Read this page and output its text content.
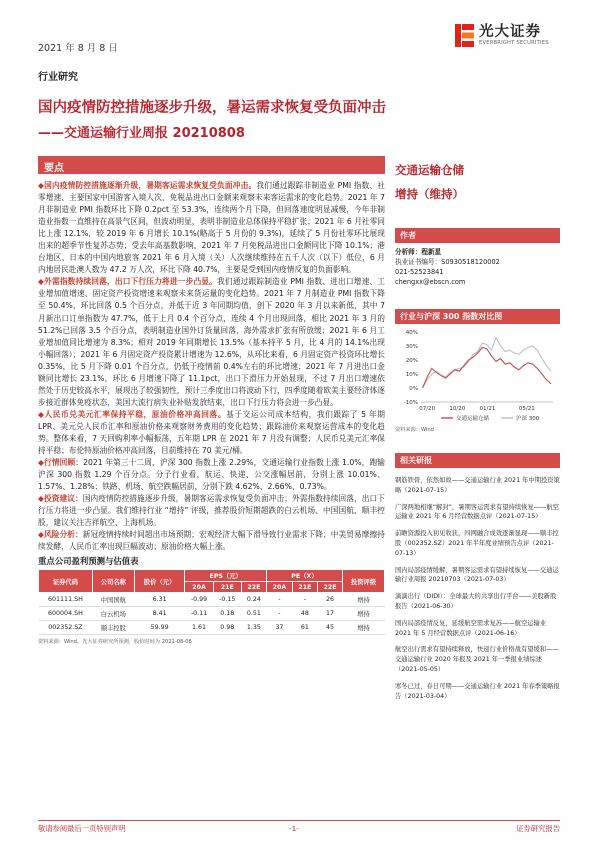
2021 年 8 月 8 日
行业研究
光大证券
EVERBRIGHT SECURITIES
国内疫情防控措施逐步升级，暑运需求恢复受负面冲击
——交通运输行业周报 20210808
要点

◆国内疫情防控措施逐渐升级，暑期客运需求恢复受负面冲击。我们通过跟踪非制造业 PMI 指数、社零增速、主要国家中国游客入境人次、免税品进出口金额来观察未来客运需求的变化趋势。2021 年 7 月非制造业 PMI 指数环比下降 0.2pct 至 53.3%，连续两个月下降，但回落速度明显减慢，今年非制造业指数一直维持在高景气区间，但波动明显，表明非制造业总体保持平稳扩张；2021 年 6 月社零同比上涨 12.1%，较 2019 年 6 月增长 10.1%(略高于 5 月份的 9.3%)，延续了 5 月份社零环比展现出来的超季节性复苏态势；受去年高基数影响，2021 年 7 月免税品进出口金额同比下降 10.1%；港台地区、日本的中国内地旅客 2021 年 6 月入境（关）人次继续维持在五千人次（以下）低位，6 月内地居民赴澳人数为 47.2 万人次，环比下降 40.7%，主要是受到国内疫情反复的负面影响。

◆外需指数持续回落，出口下行压力将进一步凸显。我们通过跟踪制造业 PMI 指数、进出口增速、工业增加值增速、固定资产投资增速来观察未来货运量的变化趋势。2021 年 7 月制造业 PMI 指数下降至 50.4%，环比回落 0.5 个百分点，并低于近 3 年同期均值，创下 2020 年 3 月以来新低，其中 7 月新出口订单指数为 47.7%，低于上月 0.4 个百分点，连续 4 个月出现回落，相比 2021 年 3 月的 51.2%已回落 3.5 个百分点，表明制造业国外订货量回落，海外需求扩张有所放缓；2021 年 6 月工业增加值同比增速为 8.3%；相对 2019 年同期增长 13.5%（基本持平 5 月，比 4 月的 14.1%出现小幅回落）；2021 年 6 月固定资产投资累计增速为 12.6%，从环比来看，6 月固定资产投资环比增长 0.35%，比 5 月下降 0.01 个百分点，仍低于疫情前 0.4%左右的环比增速；2021 年 7 月进出口金额同比增长 23.1%，环比 6 月增速下降了 11.1pct，出口下滑压力开始显现，不过 7 月出口增速依然处于历史较高水平，展现出了较强韧性，预计三季度出口将波动下行，四季度随着欧美主要经济体逐步接近群体免疫状态，美国大流行病失业补贴发放结束，出口下行压力将会进一步凸显。

◆人民币兑美元汇率保持平稳，原油价格冲高回落。基于交运公司成本结构，我们跟踪了 5 年期 LPR、美元兑人民币汇率和原油价格来观察财务费用的变化趋势；跟踪油价来观察运营成本的变化趋势。整体来看，7 天回购利率小幅振荡，五年期 LPR 在 2021 年 7 月没有调整；人民币兑美元汇率保持平稳；布伦特原油价格冲高回落，目前维持在 70 美元/桶。

◆行情回顾：2021 年第三十二周，沪深 300 指数上涨 2.29%，交通运输行业指数上涨 1.0%，跑输沪深 300 指数 1.29 个百分点。分子行业看，航运、快递、公交涨幅居前，分别上涨 10.01%、1.57%、1.28%；铁路、机场、航空跌幅居前，分别下跌 4.62%、2.66%、0.73%。

◆投资建议：国内疫情防控措施逐步升级，暑期客运需求恢复受负面冲击；外需指数持续回落，出口下行压力将进一步凸显。我们维持行业 “增持” 评级，推荐股价短期超跌的白云机场、中国国航，顺丰控股，建议关注吉祥航空、上海机场。

◆风险分析：新冠疫情持续时间超出市场预期；宏观经济大幅下滑导致行业需求下降；中美贸易摩擦持续发酵，人民币汇率出现巨幅波动；原油价格大幅上涨。

重点公司盈利预测与估值表
证券代码	公司名称	股价（元）	EPS（元）			PE（X）			投资评级
			20A	21E	22E	20A	21E	22E	
601111.SH	中国国航	6.31	-0.99	-0.15	0.24	-	-	26	增持
600004.SH	白云机场	8.41	-0.11	0.18	0.51	-	48	17	增持
002352.SZ	顺丰控股	59.99	1.61	0.98	1.35	37	61	45	增持
资料来源：Wind，光大证券研究所预测，股价时间为 2021-08-06
交通运输仓储
增持（维持）
作者
分析师：程新星
执业证书编号：S0930518120002
021-52523841
chengxx@ebscn.com
行业与沪深 300 指数对比图
-10%
0%
10%
20%
30%
40%
07/20	10/20	01/21	05/21
交通运输仓储	沪深 300
资料来源：Wind
相关研报
钢筋铁骨，依然如故——交通运输行业 2021 年中期投资策略（2021-07-15）
广深两地相继“解封”，暑期客运需求有望持续恢复——航空运输业 2021 年 6 月经营数据点评（2021-07-15）
前瞻资源投入初见收获，四网融合成效逐渐显现——顺丰控股（002352.SZ）2021 年半年度业绩预告点评（2021-07-13）
国内局部疫情缓解，暑期客运需求有望持续恢复——交通运输行业周报 20210703（2021-07-03）
滴滴出行（DIDI）：全球最大的共享出行平台——美股新股报告（2021-06-30）
国内局部疫情反复，延缓航空需求复苏——航空运输业 2021 年 5 月经营数据点评（2021-06-16）
航空出行需求有望持续释放，快递行业价格战有望缓和——交通运输行业 2020 年报及 2021 年一季报业绩综述（2021-05-05）
寒冬已过，春日可期——交通运输行业 2021 年春季策略报告（2021-03-04）
敬请参阅最后一页特别声明	-1-	证券研究报告
